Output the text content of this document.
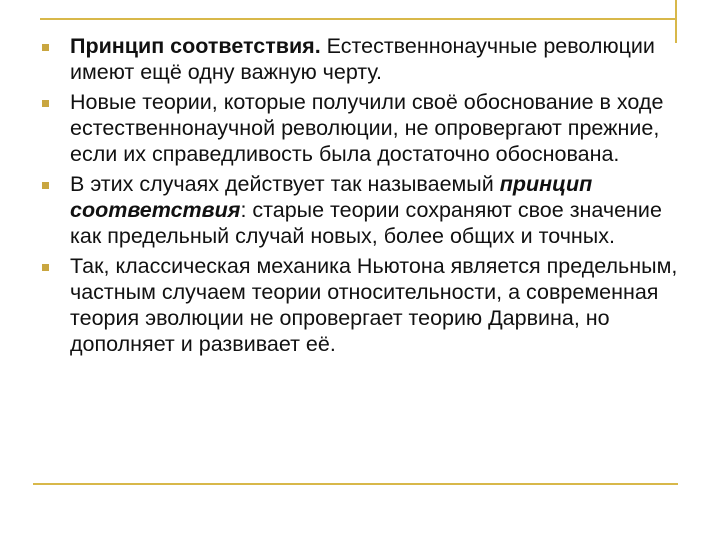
Принцип соответствия. Естественнонаучные революции имеют ещё одну важную черту.
Новые теории, которые получили своё обоснование в ходе естественнонаучной революции, не опровергают прежние, если их справедливость была достаточно обоснована.
В этих случаях действует так называемый принцип соответствия: старые теории сохраняют свое значение как предельный случай новых, более общих и точных.
Так, классическая механика Ньютона является предельным, частным случаем теории относительности, а современная теория эволюции не опровергает теорию Дарвина, но дополняет и развивает её.
